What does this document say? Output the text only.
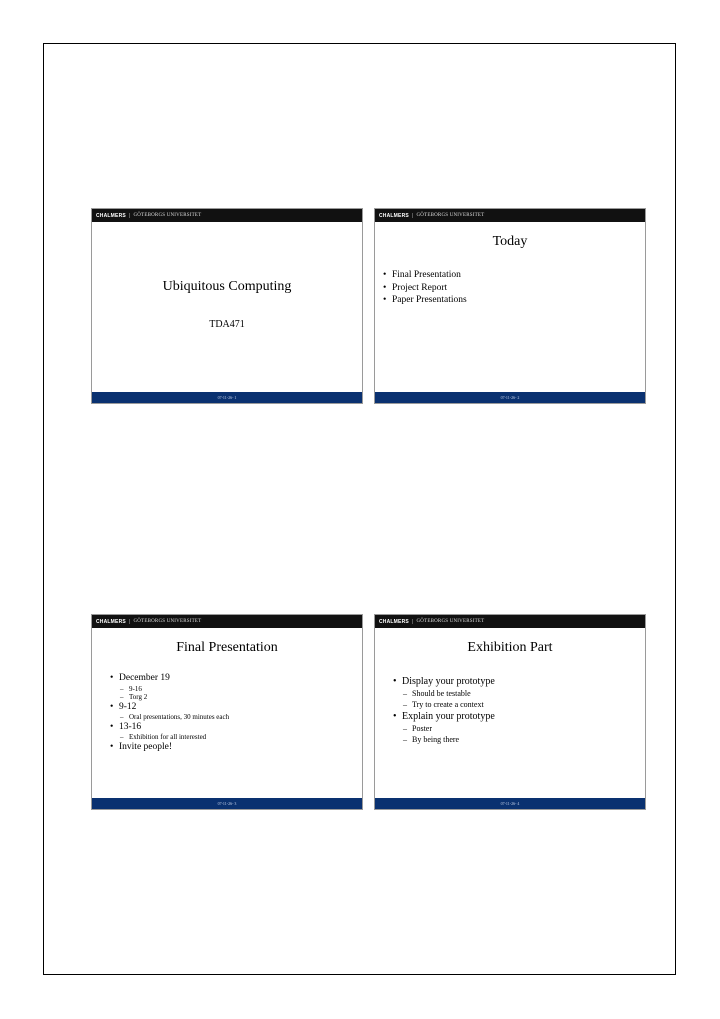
CHALMERS | GÖTEBORGS UNIVERSITET
Ubiquitous Computing
TDA471
07-11-26- 1
CHALMERS | GÖTEBORGS UNIVERSITET
Today
• Final Presentation
• Project Report
• Paper Presentations
07-11-26- 2
CHALMERS | GÖTEBORGS UNIVERSITET
Final Presentation
• December 19
– 9-16
– Torg 2
• 9-12
– Oral presentations, 30 minutes each
• 13-16
– Exhibition for all interested
• Invite people!
07-11-26- 3
CHALMERS | GÖTEBORGS UNIVERSITET
Exhibition Part
• Display your prototype
– Should be testable
– Try to create a context
• Explain your prototype
– Poster
– By being there
07-11-26- 4
